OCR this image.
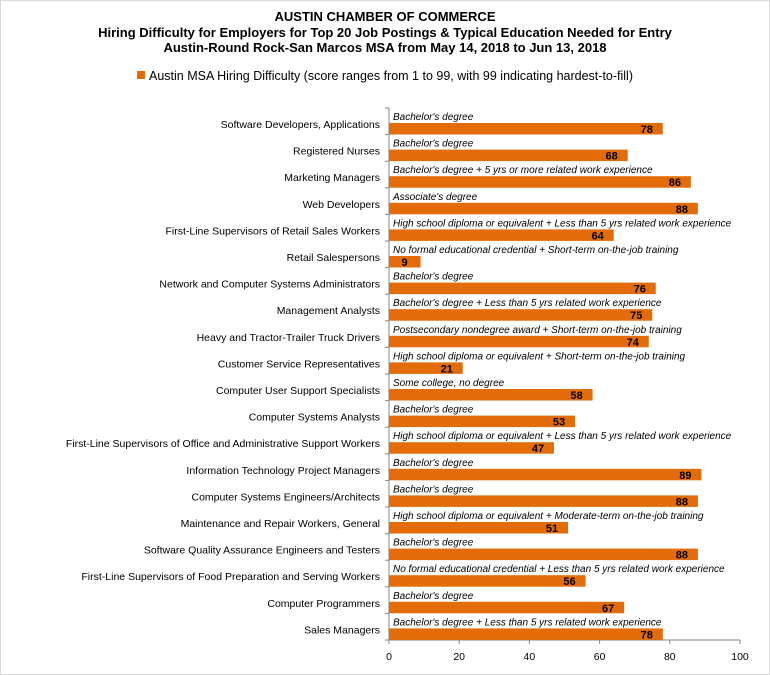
AUSTIN CHAMBER OF COMMERCE
Hiring Difficulty for Employers for Top 20 Job Postings & Typical Education Needed for Entry
Austin-Round Rock-San Marcos MSA from May 14, 2018 to Jun 13, 2018
Austin MSA Hiring Difficulty (score ranges from 1 to 99, with 99 indicating hardest-to-fill)
0	20	40	60	80	100
Software Developers, Applications
Bachelor's degree
78
Registered Nurses
Bachelor's degree
68
Marketing Managers
Bachelor's degree + 5 yrs or more related work experience
86
Web Developers
Associate's degree
88
First-Line Supervisors of Retail Sales Workers
High school diploma or equivalent + Less than 5 yrs related work experience
64
Retail Salespersons
No formal educational credential + Short-term on-the-job training
9
Network and Computer Systems Administrators
Bachelor's degree
76
Management Analysts
Bachelor's degree + Less than 5 yrs related work experience
75
Heavy and Tractor-Trailer Truck Drivers
Postsecondary nondegree award + Short-term on-the-job training
74
Customer Service Representatives
High school diploma or equivalent + Short-term on-the-job training
21
Computer User Support Specialists
Some college, no degree
58
Computer Systems Analysts
Bachelor's degree
53
First-Line Supervisors of Office and Administrative Support Workers
High school diploma or equivalent + Less than 5 yrs related work experience
47
Information Technology Project Managers
Bachelor's degree
89
Computer Systems Engineers/Architects
Bachelor's degree
88
Maintenance and Repair Workers, General
High school diploma or equivalent + Moderate-term on-the-job training
51
Software Quality Assurance Engineers and Testers
Bachelor's degree
88
First-Line Supervisors of Food Preparation and Serving Workers
No formal educational credential + Less than 5 yrs related work experience
56
Computer Programmers
Bachelor's degree
67
Sales Managers
Bachelor's degree + Less than 5 yrs related work experience
78
